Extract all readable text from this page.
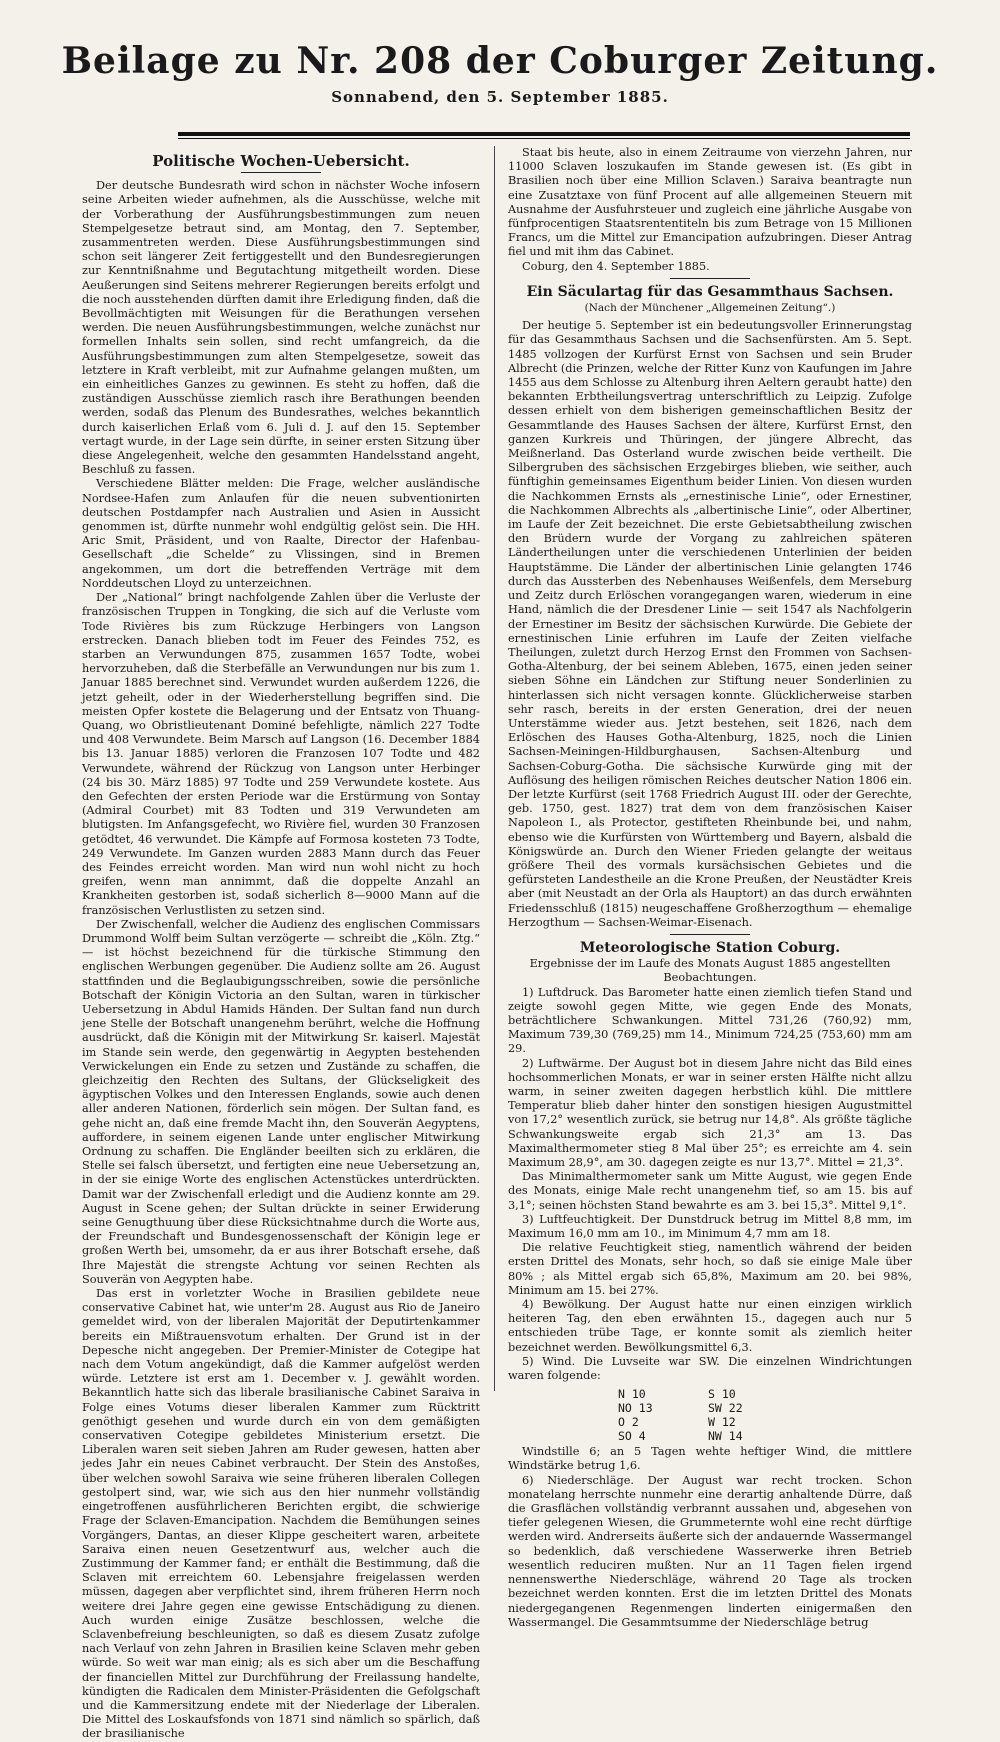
Beilage zu Nr. 208 der Coburger Zeitung.
Sonnabend, den 5. September 1885.
Politische Wochen-Uebersicht.

Der deutsche Bundesrath wird schon in nächster Woche infosern seine Arbeiten wieder aufnehmen, als die Ausschüsse, welche mit der Vorberathung der Ausführungsbestimmungen zum neuen Stempelgesetze betraut sind, am Montag, den 7. September, zusammentreten werden. Diese Ausführungsbestimmungen sind schon seit längerer Zeit fertiggestellt und den Bundesregierungen zur Kenntnißnahme und Begutachtung mitgetheilt worden. Diese Aeußerungen sind Seitens mehrerer Regierungen bereits erfolgt und die noch ausstehenden dürften damit ihre Erledigung finden, daß die Bevollmächtigten mit Weisungen für die Berathungen versehen werden. Die neuen Ausführungsbestimmungen, welche zunächst nur formellen Inhalts sein sollen, sind recht umfangreich, da die Ausführungsbestimmungen zum alten Stempelgesetze, soweit das letztere in Kraft verbleibt, mit zur Aufnahme gelangen mußten, um ein einheitliches Ganzes zu gewinnen. Es steht zu hoffen, daß die zuständigen Ausschüsse ziemlich rasch ihre Berathungen beenden werden, sodaß das Plenum des Bundesrathes, welches bekanntlich durch kaiserlichen Erlaß vom 6. Juli d. J. auf den 15. September vertagt wurde, in der Lage sein dürfte, in seiner ersten Sitzung über diese Angelegenheit, welche den gesammten Handelsstand angeht, Beschluß zu fassen.

Verschiedene Blätter melden: Die Frage, welcher ausländische Nordsee-Hafen zum Anlaufen für die neuen subventionirten deutschen Postdampfer nach Australien und Asien in Aussicht genommen ist, dürfte nunmehr wohl endgültig gelöst sein. Die HH. Aric Smit, Präsident, und von Raalte, Director der Hafenbau-Gesellschaft „die Schelde“ zu Vlissingen, sind in Bremen angekommen, um dort die betreffenden Verträge mit dem Norddeutschen Lloyd zu unterzeichnen.

Der „National“ bringt nachfolgende Zahlen über die Verluste der französischen Truppen in Tongking, die sich auf die Verluste vom Tode Rivières bis zum Rückzuge Herbingers von Langson erstrecken. Danach blieben todt im Feuer des Feindes 752, es starben an Verwundungen 875, zusammen 1657 Todte, wobei hervorzuheben, daß die Sterbefälle an Verwundungen nur bis zum 1. Januar 1885 berechnet sind. Verwundet wurden außerdem 1226, die jetzt geheilt, oder in der Wiederherstellung begriffen sind. Die meisten Opfer kostete die Belagerung und der Entsatz von Thuang-Quang, wo Obristlieutenant Dominé befehligte, nämlich 227 Todte und 408 Verwundete. Beim Marsch auf Langson (16. December 1884 bis 13. Januar 1885) verloren die Franzosen 107 Todte und 482 Verwundete, während der Rückzug von Langson unter Herbinger (24 bis 30. März 1885) 97 Todte und 259 Verwundete kostete. Aus den Gefechten der ersten Periode war die Erstürmung von Sontay (Admiral Courbet) mit 83 Todten und 319 Verwundeten am blutigsten. Im Anfangsgefecht, wo Rivière fiel, wurden 30 Franzosen getödtet, 46 verwundet. Die Kämpfe auf Formosa kosteten 73 Todte, 249 Verwundete. Im Ganzen wurden 2883 Mann durch das Feuer des Feindes erreicht worden. Man wird nun wohl nicht zu hoch greifen, wenn man annimmt, daß die doppelte Anzahl an Krankheiten gestorben ist, sodaß sicherlich 8—9000 Mann auf die französischen Verlustlisten zu setzen sind.

Der Zwischenfall, welcher die Audienz des englischen Commissars Drummond Wolff beim Sultan verzögerte — schreibt die „Köln. Ztg.“ — ist höchst bezeichnend für die türkische Stimmung den englischen Werbungen gegenüber. Die Audienz sollte am 26. August stattfinden und die Beglaubigungsschreiben, sowie die persönliche Botschaft der Königin Victoria an den Sultan, waren in türkischer Uebersetzung in Abdul Hamids Händen. Der Sultan fand nun durch jene Stelle der Botschaft unangenehm berührt, welche die Hoffnung ausdrückt, daß die Königin mit der Mitwirkung Sr. kaiserl. Majestät im Stande sein werde, den gegenwärtig in Aegypten bestehenden Verwickelungen ein Ende zu setzen und Zustände zu schaffen, die gleichzeitig den Rechten des Sultans, der Glückseligkeit des ägyptischen Volkes und den Interessen Englands, sowie auch denen aller anderen Nationen, förderlich sein mögen. Der Sultan fand, es gehe nicht an, daß eine fremde Macht ihn, den Souverän Aegyptens, auffordere, in seinem eigenen Lande unter englischer Mitwirkung Ordnung zu schaffen. Die Engländer beeilten sich zu erklären, die Stelle sei falsch übersetzt, und fertigten eine neue Uebersetzung an, in der sie einige Worte des englischen Actenstückes unterdrückten. Damit war der Zwischenfall erledigt und die Audienz konnte am 29. August in Scene gehen; der Sultan drückte in seiner Erwiderung seine Genugthuung über diese Rücksichtnahme durch die Worte aus, der Freundschaft und Bundesgenossenschaft der Königin lege er großen Werth bei, umsomehr, da er aus ihrer Botschaft ersehe, daß Ihre Majestät die strengste Achtung vor seinen Rechten als Souverän von Aegypten habe.

Das erst in vorletzter Woche in Brasilien gebildete neue conservative Cabinet hat, wie unter'm 28. August aus Rio de Janeiro gemeldet wird, von der liberalen Majorität der Deputirtenkammer bereits ein Mißtrauensvotum erhalten. Der Grund ist in der Depesche nicht angegeben. Der Premier-Minister de Cotegipe hat nach dem Votum angekündigt, daß die Kammer aufgelöst werden würde. Letztere ist erst am 1. December v. J. gewählt worden. Bekanntlich hatte sich das liberale brasilianische Cabinet Saraiva in Folge eines Votums dieser liberalen Kammer zum Rücktritt genöthigt gesehen und wurde durch ein von dem gemäßigten conservativen Cotegipe gebildetes Ministerium ersetzt. Die Liberalen waren seit sieben Jahren am Ruder gewesen, hatten aber jedes Jahr ein neues Cabinet verbraucht. Der Stein des Anstoßes, über welchen sowohl Saraiva wie seine früheren liberalen Collegen gestolpert sind, war, wie sich aus den hier nunmehr vollständig eingetroffenen ausführlicheren Berichten ergibt, die schwierige Frage der Sclaven-Emancipation. Nachdem die Bemühungen seines Vorgängers, Dantas, an dieser Klippe gescheitert waren, arbeitete Saraiva einen neuen Gesetzentwurf aus, welcher auch die Zustimmung der Kammer fand; er enthält die Bestimmung, daß die Sclaven mit erreichtem 60. Lebensjahre freigelassen werden müssen, dagegen aber verpflichtet sind, ihrem früheren Herrn noch weitere drei Jahre gegen eine gewisse Entschädigung zu dienen. Auch wurden einige Zusätze beschlossen, welche die Sclavenbefreiung beschleunigten, so daß es diesem Zusatz zufolge nach Verlauf von zehn Jahren in Brasilien keine Sclaven mehr geben würde. So weit war man einig; als es sich aber um die Beschaffung der financiellen Mittel zur Durchführung der Freilassung handelte, kündigten die Radicalen dem Minister-Präsidenten die Gefolgschaft und die Kammersitzung endete mit der Niederlage der Liberalen. Die Mittel des Loskaufsfonds von 1871 sind nämlich so spärlich, daß der brasilianische

Staat bis heute, also in einem Zeitraume von vierzehn Jahren, nur 11000 Sclaven loszukaufen im Stande gewesen ist. (Es gibt in Brasilien noch über eine Million Sclaven.) Saraiva beantragte nun eine Zusatztaxe von fünf Procent auf alle allgemeinen Steuern mit Ausnahme der Ausfuhrsteuer und zugleich eine jährliche Ausgabe von fünfprocentigen Staatsrententiteln bis zum Betrage von 15 Millionen Francs, um die Mittel zur Emancipation aufzubringen. Dieser Antrag fiel und mit ihm das Cabinet.

Coburg, den 4. September 1885.

Ein Säculartag für das Gesammthaus Sachsen.
(Nach der Münchener „Allgemeinen Zeitung“.)

Der heutige 5. September ist ein bedeutungsvoller Erinnerungstag für das Gesammthaus Sachsen und die Sachsenfürsten. Am 5. Sept. 1485 vollzogen der Kurfürst Ernst von Sachsen und sein Bruder Albrecht (die Prinzen, welche der Ritter Kunz von Kaufungen im Jahre 1455 aus dem Schlosse zu Altenburg ihren Aeltern geraubt hatte) den bekannten Erbtheilungsvertrag unterschriftlich zu Leipzig. Zufolge dessen erhielt von dem bisherigen gemeinschaftlichen Besitz der Gesammtlande des Hauses Sachsen der ältere, Kurfürst Ernst, den ganzen Kurkreis und Thüringen, der jüngere Albrecht, das Meißnerland. Das Osterland wurde zwischen beide vertheilt. Die Silbergruben des sächsischen Erzgebirges blieben, wie seither, auch fünftighin gemeinsames Eigenthum beider Linien. Von diesen wurden die Nachkommen Ernsts als „ernestinische Linie“, oder Ernestiner, die Nachkommen Albrechts als „albertinische Linie“, oder Albertiner, im Laufe der Zeit bezeichnet. Die erste Gebietsabtheilung zwischen den Brüdern wurde der Vorgang zu zahlreichen späteren Ländertheilungen unter die verschiedenen Unterlinien der beiden Hauptstämme. Die Länder der albertinischen Linie gelangten 1746 durch das Aussterben des Nebenhauses Weißenfels, dem Merseburg und Zeitz durch Erlöschen vorangegangen waren, wiederum in eine Hand, nämlich die der Dresdener Linie — seit 1547 als Nachfolgerin der Ernestiner im Besitz der sächsischen Kurwürde. Die Gebiete der ernestinischen Linie erfuhren im Laufe der Zeiten vielfache Theilungen, zuletzt durch Herzog Ernst den Frommen von Sachsen-Gotha-Altenburg, der bei seinem Ableben, 1675, einen jeden seiner sieben Söhne ein Ländchen zur Stiftung neuer Sonderlinien zu hinterlassen sich nicht versagen konnte. Glücklicherweise starben sehr rasch, bereits in der ersten Generation, drei der neuen Unterstämme wieder aus. Jetzt bestehen, seit 1826, nach dem Erlöschen des Hauses Gotha-Altenburg, 1825, noch die Linien Sachsen-Meiningen-Hildburghausen, Sachsen-Altenburg und Sachsen-Coburg-Gotha. Die sächsische Kurwürde ging mit der Auflösung des heiligen römischen Reiches deutscher Nation 1806 ein. Der letzte Kurfürst (seit 1768 Friedrich August III. oder der Gerechte, geb. 1750, gest. 1827) trat dem von dem französischen Kaiser Napoleon I., als Protector, gestifteten Rheinbunde bei, und nahm, ebenso wie die Kurfürsten von Württemberg und Bayern, alsbald die Königswürde an. Durch den Wiener Frieden gelangte der weitaus größere Theil des vormals kursächsischen Gebietes und die gefürsteten Landestheile an die Krone Preußen, der Neustädter Kreis aber (mit Neustadt an der Orla als Hauptort) an das durch erwähnten Friedensschluß (1815) neugeschaffene Großherzogthum — ehemalige Herzogthum — Sachsen-Weimar-Eisenach.

Meteorologische Station Coburg.

Ergebnisse der im Laufe des Monats August 1885 angestellten Beobachtungen.

1) Luftdruck. Das Barometer hatte einen ziemlich tiefen Stand und zeigte sowohl gegen Mitte, wie gegen Ende des Monats, beträchtlichere Schwankungen. Mittel 731,26 (760,92) mm, Maximum 739,30 (769,25) mm 14., Minimum 724,25 (753,60) mm am 29.

2) Luftwärme. Der August bot in diesem Jahre nicht das Bild eines hochsommerlichen Monats, er war in seiner ersten Hälfte nicht allzu warm, in seiner zweiten dagegen herbstlich kühl. Die mittlere Temperatur blieb daher hinter den sonstigen hiesigen Augustmittel von 17,2° wesentlich zurück, sie betrug nur 14,8°. Als größte tägliche Schwankungsweite ergab sich 21,3° am 13. Das Maximalthermometer stieg 8 Mal über 25°; es erreichte am 4. sein Maximum 28,9°, am 30. dagegen zeigte es nur 13,7°. Mittel = 21,3°.

Das Minimalthermometer sank um Mitte August, wie gegen Ende des Monats, einige Male recht unangenehm tief, so am 15. bis auf 3,1°; seinen höchsten Stand bewahrte es am 3. bei 15,3°. Mittel 9,1°.

3) Luftfeuchtigkeit. Der Dunstdruck betrug im Mittel 8,8 mm, im Maximum 16,0 mm am 10., im Minimum 4,7 mm am 18.

Die relative Feuchtigkeit stieg, namentlich während der beiden ersten Drittel des Monats, sehr hoch, so daß sie einige Male über 80% ; als Mittel ergab sich 65,8%, Maximum am 20. bei 98%, Minimum am 15. bei 27%.

4) Bewölkung. Der August hatte nur einen einzigen wirklich heiteren Tag, den eben erwähnten 15., dagegen auch nur 5 entschieden trübe Tage, er konnte somit als ziemlich heiter bezeichnet werden. Bewölkungsmittel 6,3.

5) Wind. Die Luvseite war SW. Die einzelnen Windrichtungen waren folgende:

N 10	S 10
NO 13	SW 22
O 2	W 12
SO 4	NW 14

Windstille 6; an 5 Tagen wehte heftiger Wind, die mittlere Windstärke betrug 1,6.

6) Niederschläge. Der August war recht trocken. Schon monatelang herrschte nunmehr eine derartig anhaltende Dürre, daß die Grasflächen vollständig verbrannt aussahen und, abgesehen von tiefer gelegenen Wiesen, die Grummeternte wohl eine recht dürftige werden wird. Andrerseits äußerte sich der andauernde Wassermangel so bedenklich, daß verschiedene Wasserwerke ihren Betrieb wesentlich reduciren mußten. Nur an 11 Tagen fielen irgend nennenswerthe Niederschläge, während 20 Tage als trocken bezeichnet werden konnten. Erst die im letzten Drittel des Monats niedergegangenen Regenmengen linderten einigermaßen den Wassermangel. Die Gesammtsumme der Niederschläge betrug
